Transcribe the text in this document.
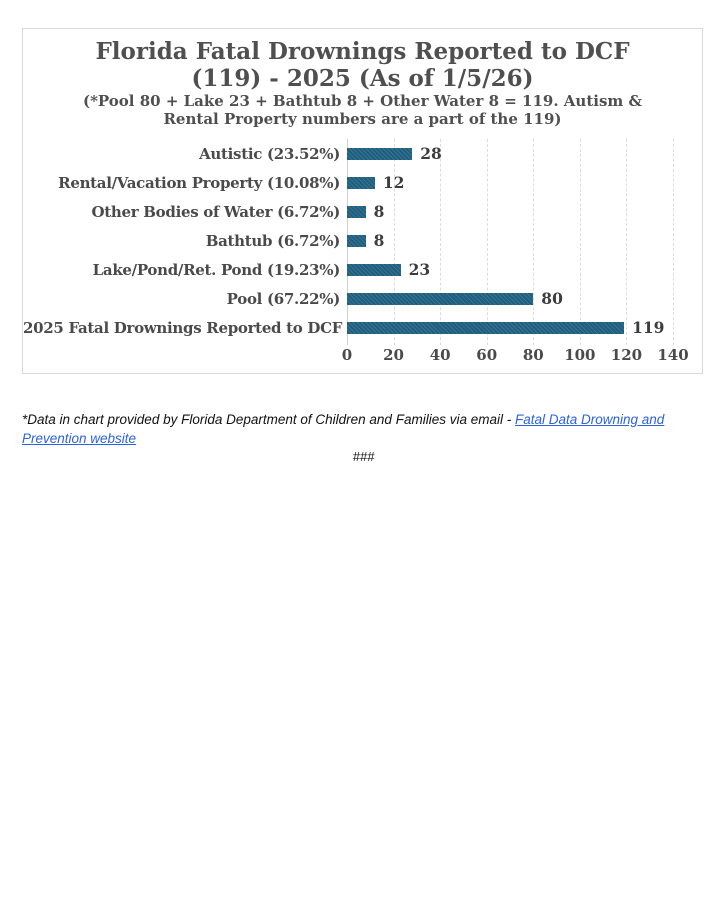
Florida Fatal Drownings Reported to DCF
(119) - 2025 (As of 1/5/26)
(*Pool 80 + Lake 23 + Bathtub 8 + Other Water 8 = 119. Autism &
Rental Property numbers are a part of the 119)
Autistic (23.52%)	28
Rental/Vacation Property (10.08%)	12
Other Bodies of Water (6.72%)	8
Bathtub (6.72%)	8
Lake/Pond/Ret. Pond (19.23%)	23
Pool (67.22%)	80
2025 Fatal Drownings Reported to DCF	119
0 20 40 60 80 100 120 140

*Data in chart provided by Florida Department of Children and Families via email - Fatal Data Drowning and Prevention website

###
